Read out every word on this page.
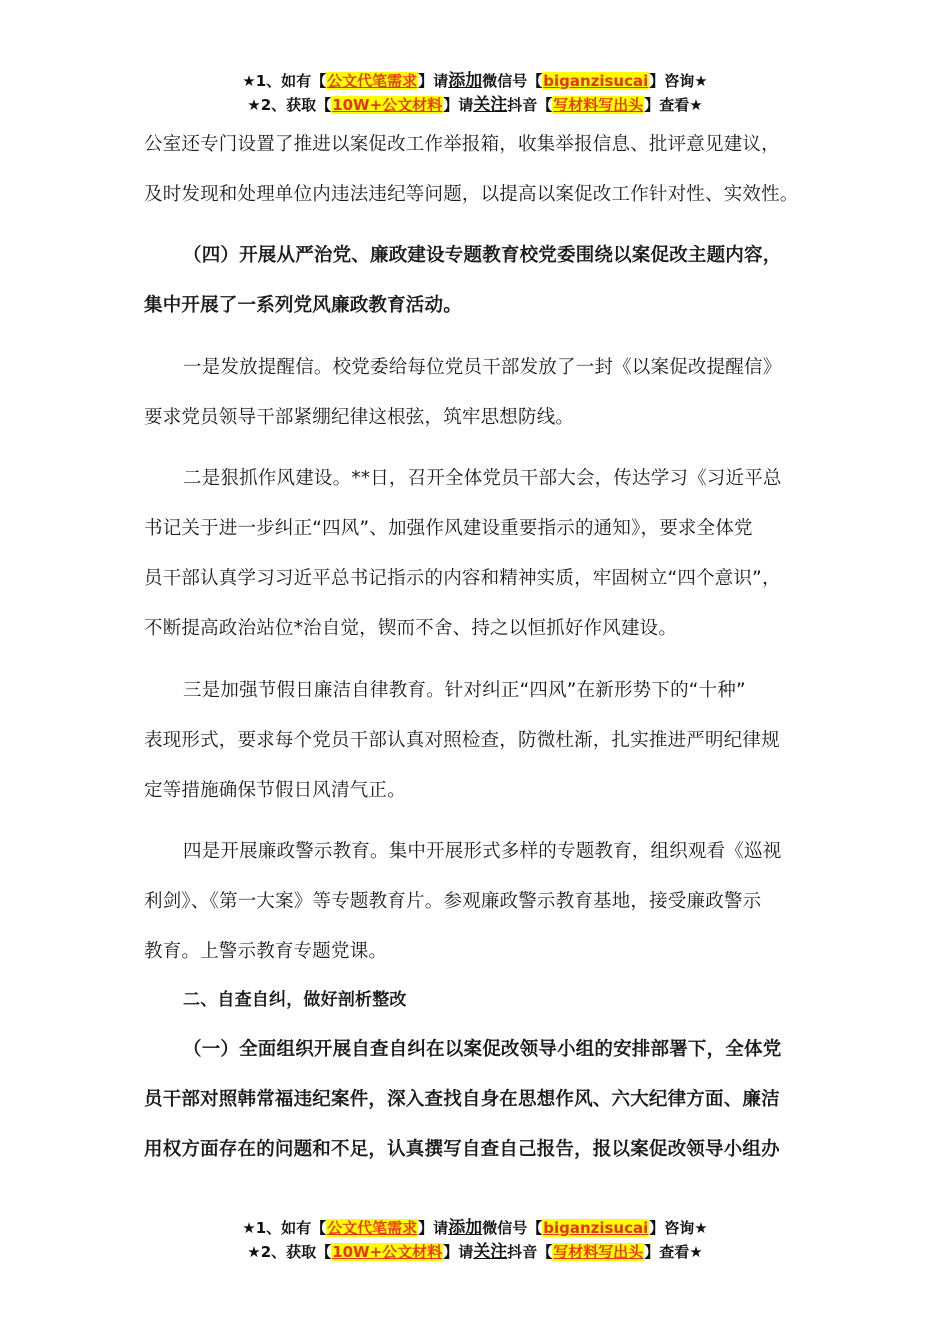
★1、如有【公文代笔需求】请添加微信号【biganzisucai】咨询★
★2、获取【10W+公文材料】请关注抖音【写材料写出头】查看★
公室还专门设置了推进以案促改工作举报箱，收集举报信息、批评意见建议，
及时发现和处理单位内违法违纪等问题，以提高以案促改工作针对性、实效性。
（四）开展从严治党、廉政建设专题教育校党委围绕以案促改主题内容，
集中开展了一系列党风廉政教育活动。
一是发放提醒信。校党委给每位党员干部发放了一封《以案促改提醒信》
要求党员领导干部紧绷纪律这根弦，筑牢思想防线。
二是狠抓作风建设。**日，召开全体党员干部大会，传达学习《习近平总
书记关于进一步纠正“四风”、加强作风建设重要指示的通知》，要求全体党
员干部认真学习习近平总书记指示的内容和精神实质，牢固树立“四个意识”，
不断提高政治站位*治自觉，锲而不舍、持之以恒抓好作风建设。
三是加强节假日廉洁自律教育。针对纠正“四风”在新形势下的“十种”
表现形式，要求每个党员干部认真对照检查，防微杜渐，扎实推进严明纪律规
定等措施确保节假日风清气正。
四是开展廉政警示教育。集中开展形式多样的专题教育，组织观看《巡视
利剑》、《第一大案》等专题教育片。参观廉政警示教育基地，接受廉政警示
教育。上警示教育专题党课。
二、自查自纠，做好剖析整改
（一）全面组织开展自查自纠在以案促改领导小组的安排部署下，全体党
员干部对照韩常福违纪案件，深入查找自身在思想作风、六大纪律方面、廉洁
用权方面存在的问题和不足，认真撰写自查自己报告，报以案促改领导小组办
★1、如有【公文代笔需求】请添加微信号【biganzisucai】咨询★
★2、获取【10W+公文材料】请关注抖音【写材料写出头】查看★
